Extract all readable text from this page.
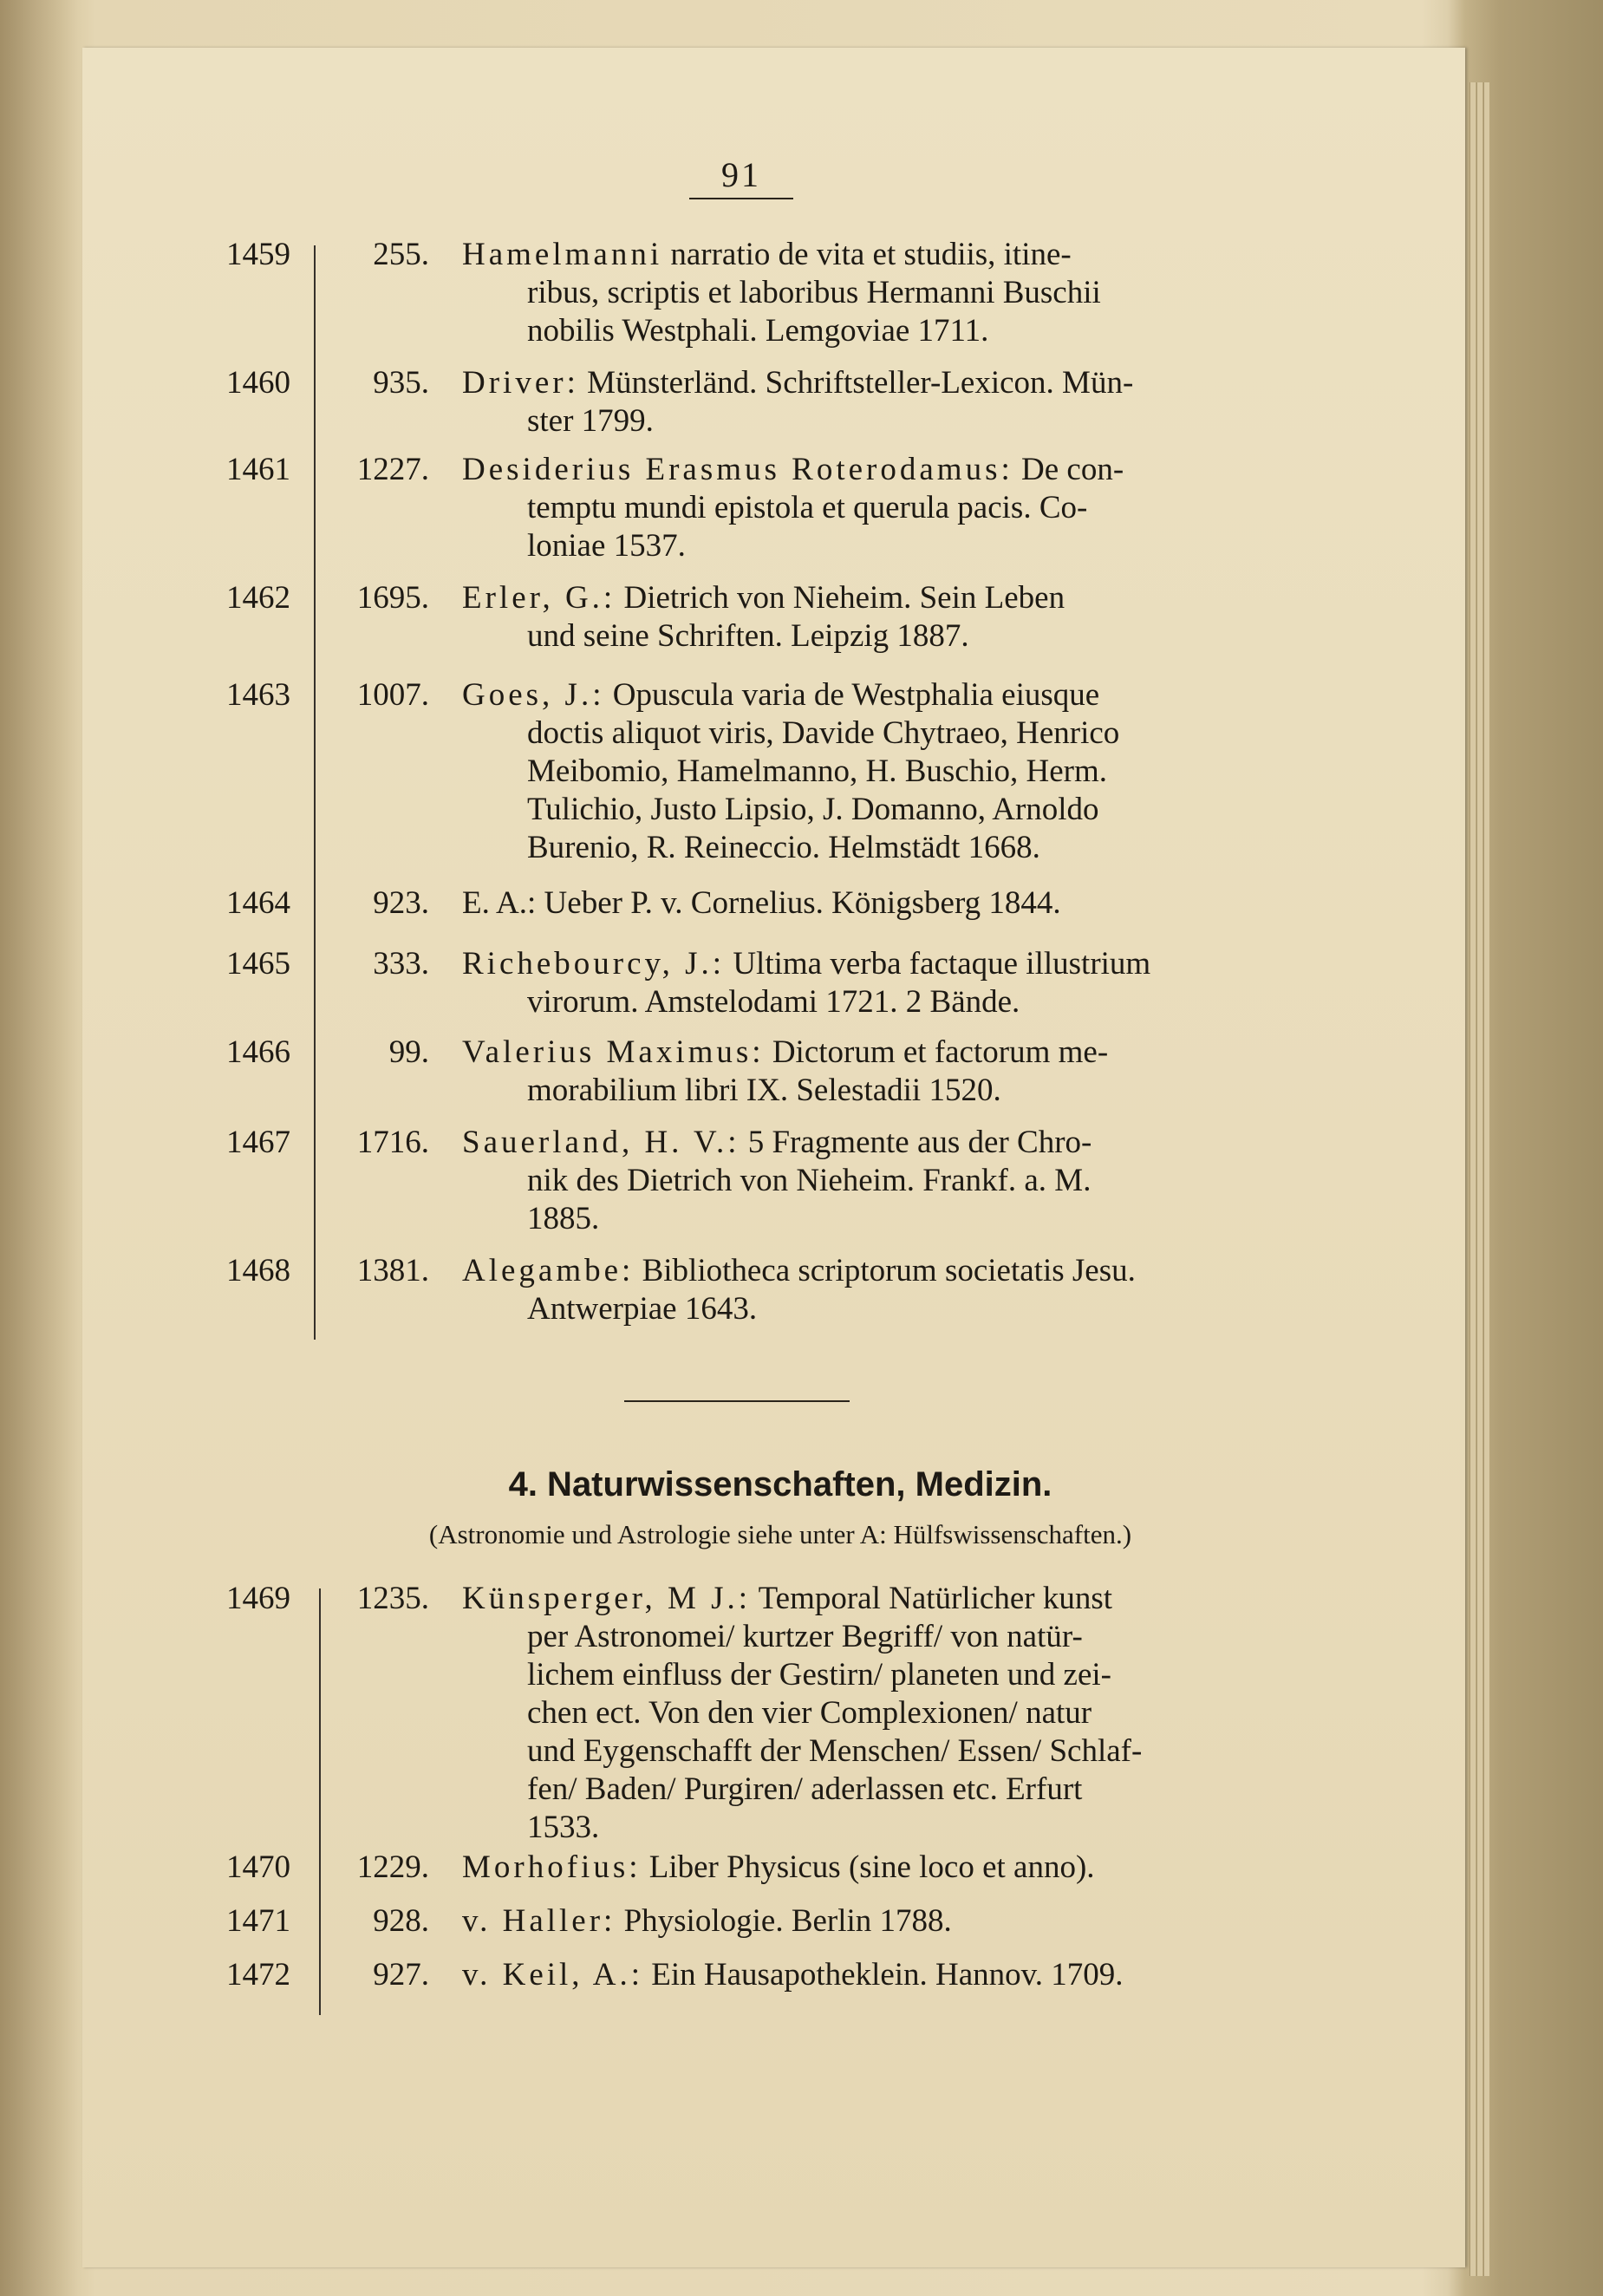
91
1459	255. Hamelmanni narratio de vita et studiis, itine-
ribus, scriptis et laboribus Hermanni Buschii
nobilis Westphali. Lemgoviae 1711.
1460	935. Driver: Münsterländ. Schriftsteller-Lexicon. Mün-
ster 1799.
1461	1227. Desiderius Erasmus Roterodamus: De con-
temptu mundi epistola et querula pacis. Co-
loniae 1537.
1462	1695. Erler, G.: Dietrich von Nieheim. Sein Leben
und seine Schriften. Leipzig 1887.
1463	1007. Goes, J.: Opuscula varia de Westphalia eiusque
doctis aliquot viris, Davide Chytraeo, Henrico
Meibomio, Hamelmanno, H. Buschio, Herm.
Tulichio, Justo Lipsio, J. Domanno, Arnoldo
Burenio, R. Reineccio. Helmstädt 1668.
1464	923. E. A.: Ueber P. v. Cornelius. Königsberg 1844.
1465	333. Richebourcy, J.: Ultima verba factaque illustrium
virorum. Amstelodami 1721. 2 Bände.
1466	99. Valerius Maximus: Dictorum et factorum me-
morabilium libri IX. Selestadii 1520.
1467	1716. Sauerland, H. V.: 5 Fragmente aus der Chro-
nik des Dietrich von Nieheim. Frankf. a. M.
1885.
1468	1381. Alegambe: Bibliotheca scriptorum societatis Jesu.
Antwerpiae 1643.
4. Naturwissenschaften, Medizin.
(Astronomie und Astrologie siehe unter A: Hülfswissenschaften.)
1469	1235. Künsperger, M J.: Temporal Natürlicher kunst
per Astronomei/ kurtzer Begriff/ von natür-
lichem einfluss der Gestirn/ planeten und zei-
chen ect. Von den vier Complexionen/ natur
und Eygenschafft der Menschen/ Essen/ Schlaf-
fen/ Baden/ Purgiren/ aderlassen etc. Erfurt
1533.
1470	1229. Morhofius: Liber Physicus (sine loco et anno).
1471	928. v. Haller: Physiologie. Berlin 1788.
1472	927. v. Keil, A.: Ein Hausapotheklein. Hannov. 1709.
